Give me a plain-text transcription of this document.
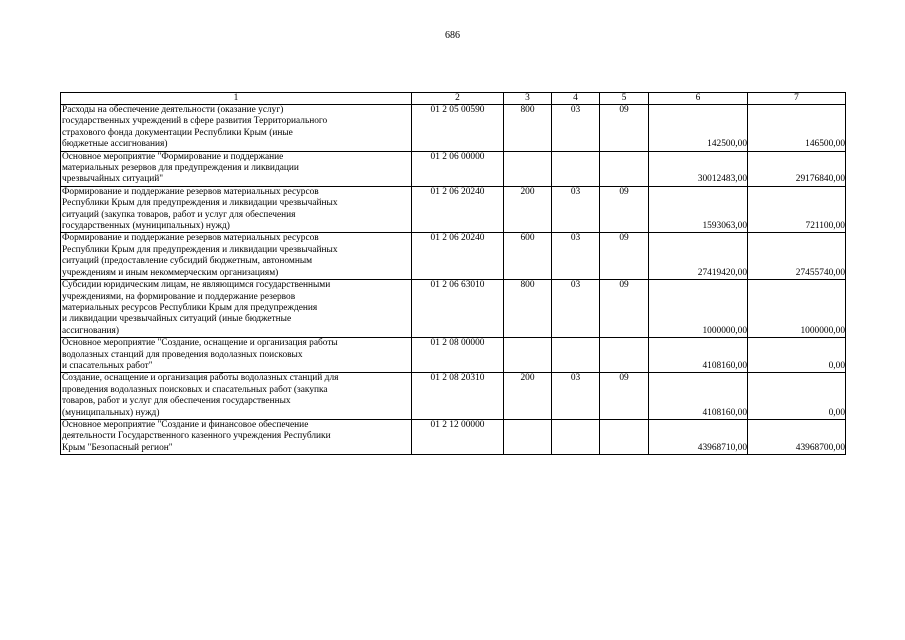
686
1	2	3	4	5	6	7

Расходы на обеспечение деятельности (оказание услуг)
государственных учреждений в сфере развития Территориального
страхового фонда документации Республики Крым (иные
бюджетные ассигнования)	01 2 05 00590	800	03	09	142500,00	146500,00

Основное мероприятие "Формирование и поддержание
материальных резервов для предупреждения и ликвидации
чрезвычайных ситуаций"	01 2 06 00000				30012483,00	29176840,00

Формирование и поддержание резервов материальных ресурсов
Республики Крым для предупреждения и ликвидации чрезвычайных
ситуаций (закупка товаров, работ и услуг для обеспечения
государственных (муниципальных) нужд)	01 2 06 20240	200	03	09	1593063,00	721100,00

Формирование и поддержание резервов материальных ресурсов
Республики Крым для предупреждения и ликвидации чрезвычайных
ситуаций (предоставление субсидий бюджетным, автономным
учреждениям и иным некоммерческим организациям)	01 2 06 20240	600	03	09	27419420,00	27455740,00

Субсидии юридическим лицам, не являющимся государственными
учреждениями, на формирование и поддержание резервов
материальных ресурсов Республики Крым для предупреждения
и ликвидации чрезвычайных ситуаций (иные бюджетные
ассигнования)	01 2 06 63010	800	03	09	1000000,00	1000000,00

Основное мероприятие "Создание, оснащение и организация работы
водолазных станций для проведения водолазных поисковых
и спасательных работ"	01 2 08 00000				4108160,00	0,00

Создание, оснащение и организация работы водолазных станций для
проведения водолазных поисковых и спасательных работ (закупка
товаров, работ и услуг для обеспечения государственных
(муниципальных) нужд)	01 2 08 20310	200	03	09	4108160,00	0,00

Основное мероприятие "Создание и финансовое обеспечение
деятельности Государственного казенного учреждения Республики
Крым "Безопасный регион"	01 2 12 00000				43968710,00	43968700,00
